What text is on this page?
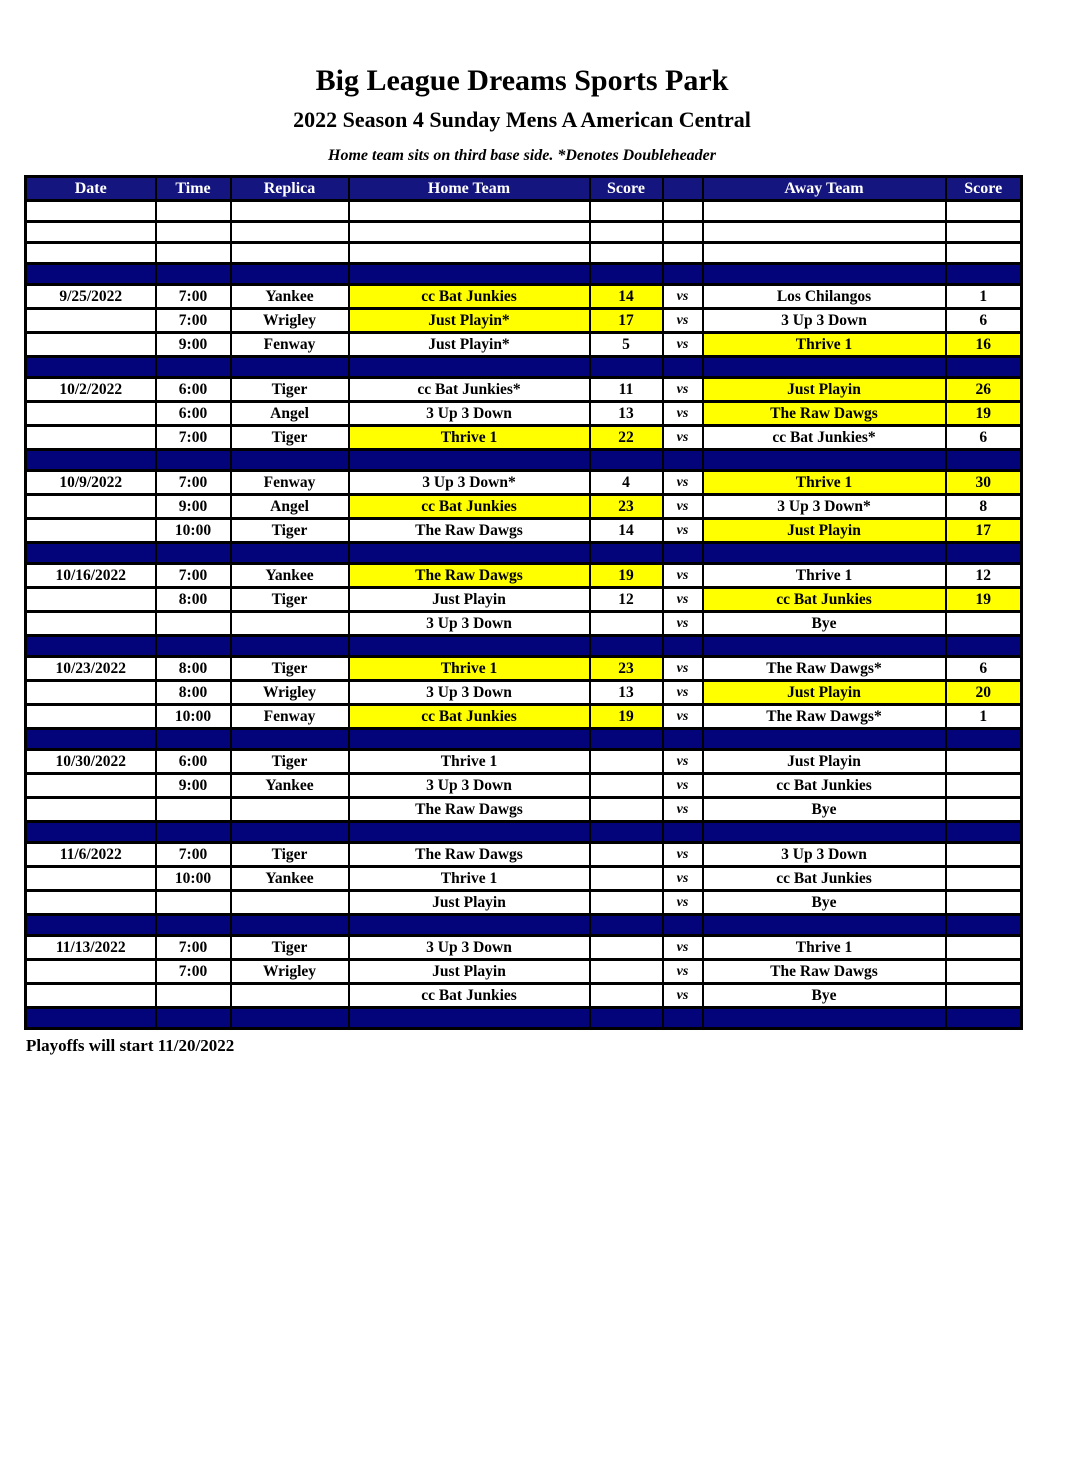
Big League Dreams Sports Park
2022 Season 4 Sunday Mens A American Central
Home team sits on third base side. *Denotes Doubleheader
Date	Time	Replica	Home Team	Score		Away Team	Score

9/25/2022	7:00	Yankee	cc Bat Junkies	14	vs	Los Chilangos	1
	7:00	Wrigley	Just Playin*	17	vs	3 Up 3 Down	6
	9:00	Fenway	Just Playin*	5	vs	Thrive 1	16

10/2/2022	6:00	Tiger	cc Bat Junkies*	11	vs	Just Playin	26
	6:00	Angel	3 Up 3 Down	13	vs	The Raw Dawgs	19
	7:00	Tiger	Thrive 1	22	vs	cc Bat Junkies*	6

10/9/2022	7:00	Fenway	3 Up 3 Down*	4	vs	Thrive 1	30
	9:00	Angel	cc Bat Junkies	23	vs	3 Up 3 Down*	8
	10:00	Tiger	The Raw Dawgs	14	vs	Just Playin	17

10/16/2022	7:00	Yankee	The Raw Dawgs	19	vs	Thrive 1	12
	8:00	Tiger	Just Playin	12	vs	cc Bat Junkies	19
			3 Up 3 Down		vs	Bye	

10/23/2022	8:00	Tiger	Thrive 1	23	vs	The Raw Dawgs*	6
	8:00	Wrigley	3 Up 3 Down	13	vs	Just Playin	20
	10:00	Fenway	cc Bat Junkies	19	vs	The Raw Dawgs*	1

10/30/2022	6:00	Tiger	Thrive 1		vs	Just Playin	
	9:00	Yankee	3 Up 3 Down		vs	cc Bat Junkies	
			The Raw Dawgs		vs	Bye	

11/6/2022	7:00	Tiger	The Raw Dawgs		vs	3 Up 3 Down	
	10:00	Yankee	Thrive 1		vs	cc Bat Junkies	
			Just Playin		vs	Bye	

11/13/2022	7:00	Tiger	3 Up 3 Down		vs	Thrive 1	
	7:00	Wrigley	Just Playin		vs	The Raw Dawgs	
			cc Bat Junkies		vs	Bye	

Playoffs will start 11/20/2022
